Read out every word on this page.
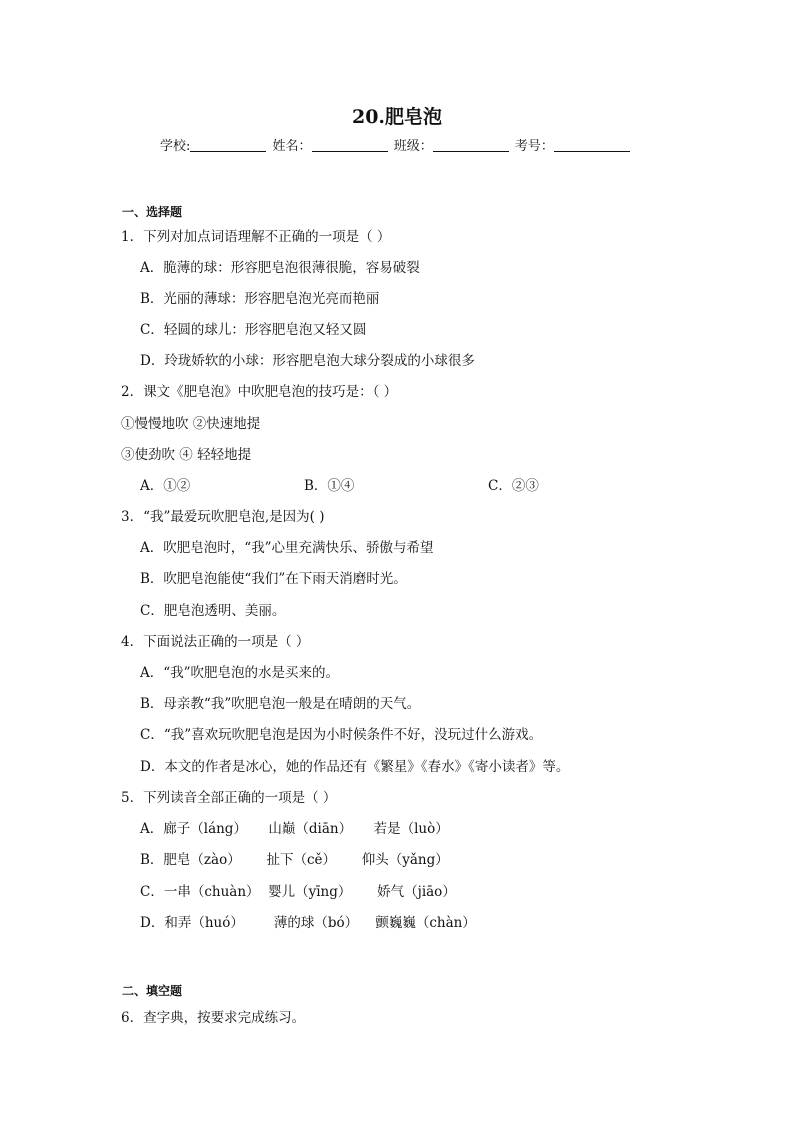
20.肥皂泡
学校:	姓名：	班级：	考号：
一、选择题
1．下列对加点词语理解不正确的一项是（ ）
A．脆薄的球：形容肥皂泡很薄很脆，容易破裂
B．光丽的薄球：形容肥皂泡光亮而艳丽
C．轻圆的球儿：形容肥皂泡又轻又圆
D．玲珑娇软的小球：形容肥皂泡大球分裂成的小球很多
2．课文《肥皂泡》中吹肥皂泡的技巧是：（ ）
①慢慢地吹 ②快速地提
③使劲吹 ④ 轻轻地提
A．①②	B．①④	C．②③
3．“我”最爱玩吹肥皂泡,是因为( )
A．吹肥皂泡时，“我”心里充满快乐、骄傲与希望
B．吹肥皂泡能使“我们”在下雨天消磨时光。
C．肥皂泡透明、美丽。
4．下面说法正确的一项是（ ）
A．“我”吹肥皂泡的水是买来的。
B．母亲教“我”吹肥皂泡一般是在晴朗的天气。
C．“我”喜欢玩吹肥皂泡是因为小时候条件不好，没玩过什么游戏。
D．本文的作者是冰心，她的作品还有《繁星》《春水》《寄小读者》等。
5．下列读音全部正确的一项是（ ）
A．廊子（láng）     山巅（diān）     若是（luò）
B．肥皂（zào）      扯下（cě）      仰头（yǎng）
C．一串（chuàn）  婴儿（yīng）      娇气（jiāo）
D．和弄（huó）       薄的球（bó）    颤巍巍（chàn）
二、填空题
6．查字典，按要求完成练习。
